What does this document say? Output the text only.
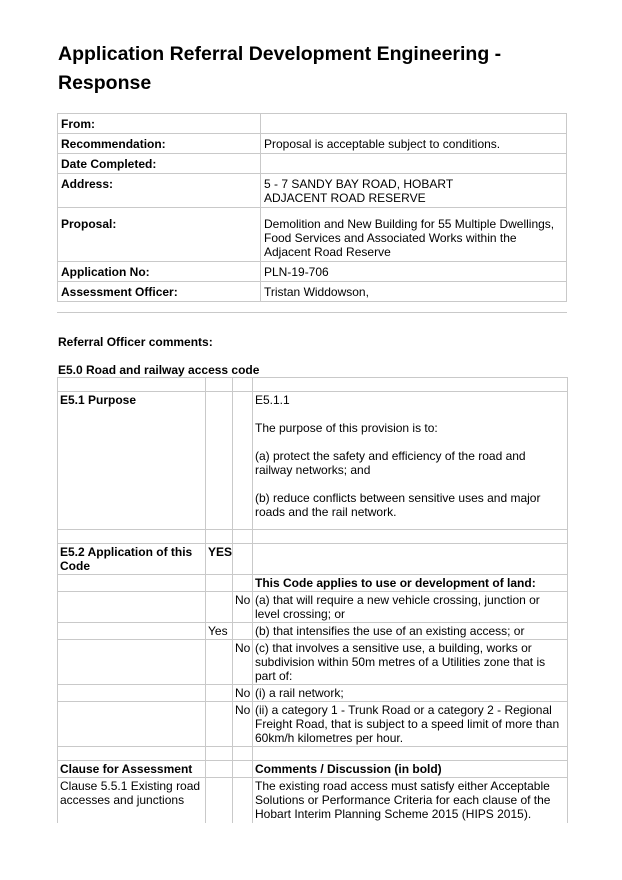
Application Referral Development Engineering - Response
From:	
Recommendation:	Proposal is acceptable subject to conditions.
Date Completed:	
Address:	5 - 7 SANDY BAY ROAD, HOBART

ADJACENT ROAD RESERVE

Proposal:	Demolition and New Building for 55 Multiple Dwellings, Food Services and Associated Works within the Adjacent Road Reserve
Application No:	PLN-19-706
Assessment Officer:	Tristan Widdowson,
Referral Officer comments:
E5.0 Road and railway access code

E5.1 Purpose			E5.1.1

The purpose of this provision is to:

(a) protect the safety and efficiency of the road and railway networks; and

(b) reduce conflicts between sensitive uses and major roads and the rail network.

E5.2 Application of this Code	YES		
			This Code applies to use or development of land:
		No	(a) that will require a new vehicle crossing, junction or level crossing; or
	Yes		(b) that intensifies the use of an existing access; or
		No	(c) that involves a sensitive use, a building, works or subdivision within 50m metres of a Utilities zone that is part of:
		No	(i) a rail network;
		No	(ii) a category 1 - Trunk Road or a category 2 - Regional Freight Road, that is subject to a speed limit of more than 60km/h kilometres per hour.

Clause for Assessment			Comments / Discussion (in bold)
Clause 5.5.1 Existing road accesses and junctions			The existing road access must satisfy either Acceptable Solutions or Performance Criteria for each clause of the Hobart Interim Planning Scheme 2015 (HIPS 2015).
